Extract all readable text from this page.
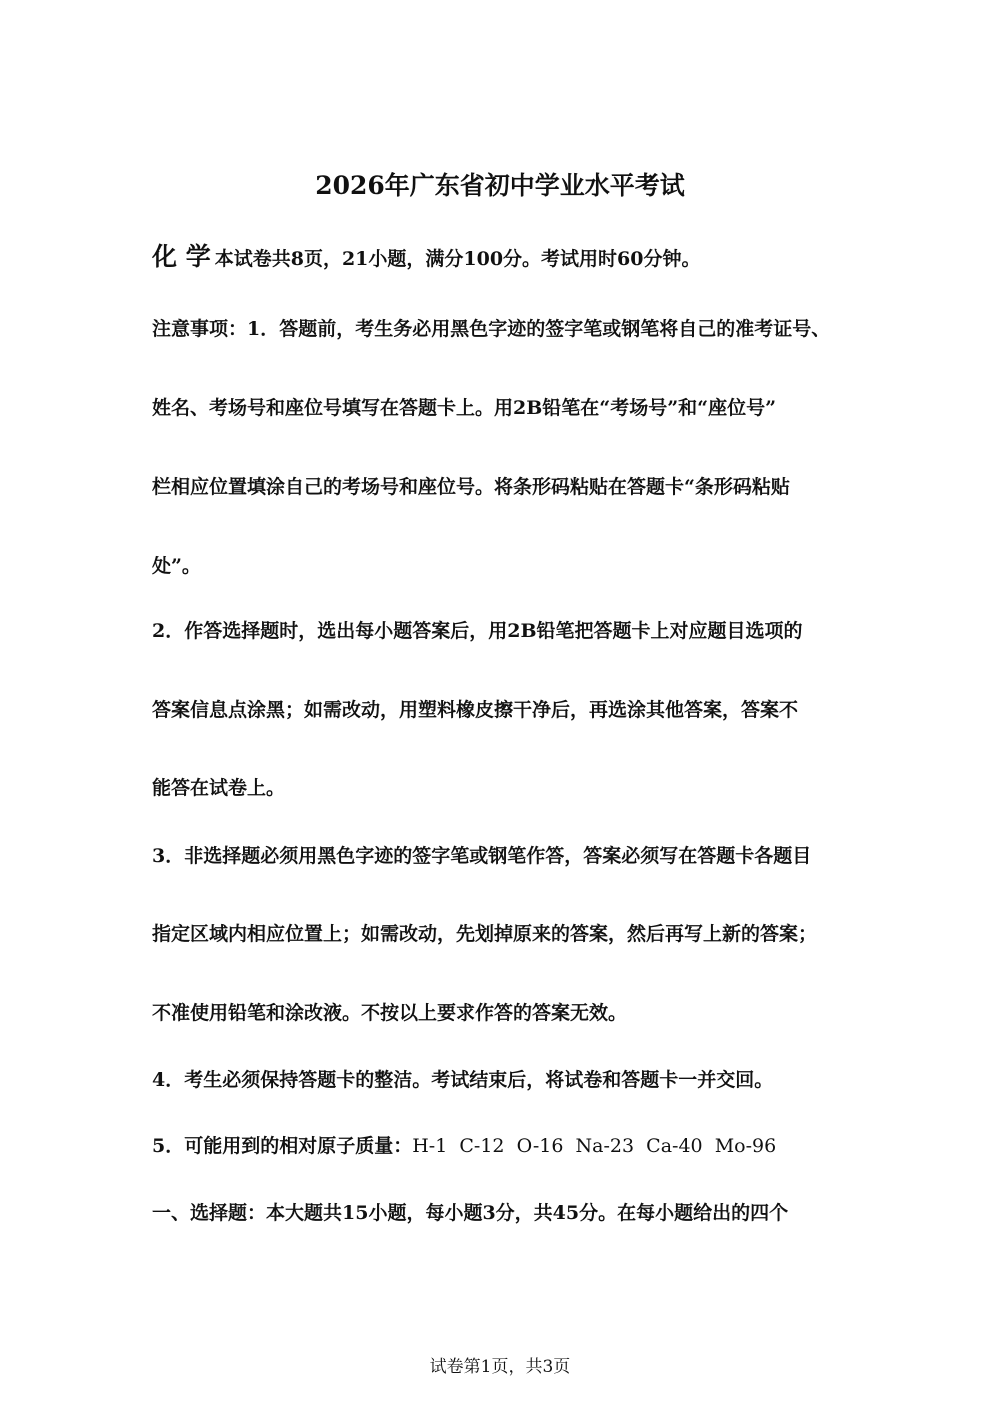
2026年广东省初中学业水平考试
化 学 本试卷共8页，21小题，满分100分。考试用时60分钟。
注意事项：1．答题前，考生务必用黑色字迹的签字笔或钢笔将自己的准考证号、
姓名、考场号和座位号填写在答题卡上。用2B铅笔在“考场号”和“座位号”
栏相应位置填涂自己的考场号和座位号。将条形码粘贴在答题卡“条形码粘贴
处”。
2．作答选择题时，选出每小题答案后，用2B铅笔把答题卡上对应题目选项的
答案信息点涂黑；如需改动，用塑料橡皮擦干净后，再选涂其他答案，答案不
能答在试卷上。
3．非选择题必须用黑色字迹的签字笔或钢笔作答，答案必须写在答题卡各题目
指定区域内相应位置上；如需改动，先划掉原来的答案，然后再写上新的答案；
不准使用铅笔和涂改液。不按以上要求作答的答案无效。
4．考生必须保持答题卡的整洁。考试结束后，将试卷和答题卡一并交回。
5．可能用到的相对原子质量：H-1  C-12  O-16  Na-23  Ca-40  Mo-96
一、选择题：本大题共15小题，每小题3分，共45分。在每小题给出的四个
试卷第1页，共3页
